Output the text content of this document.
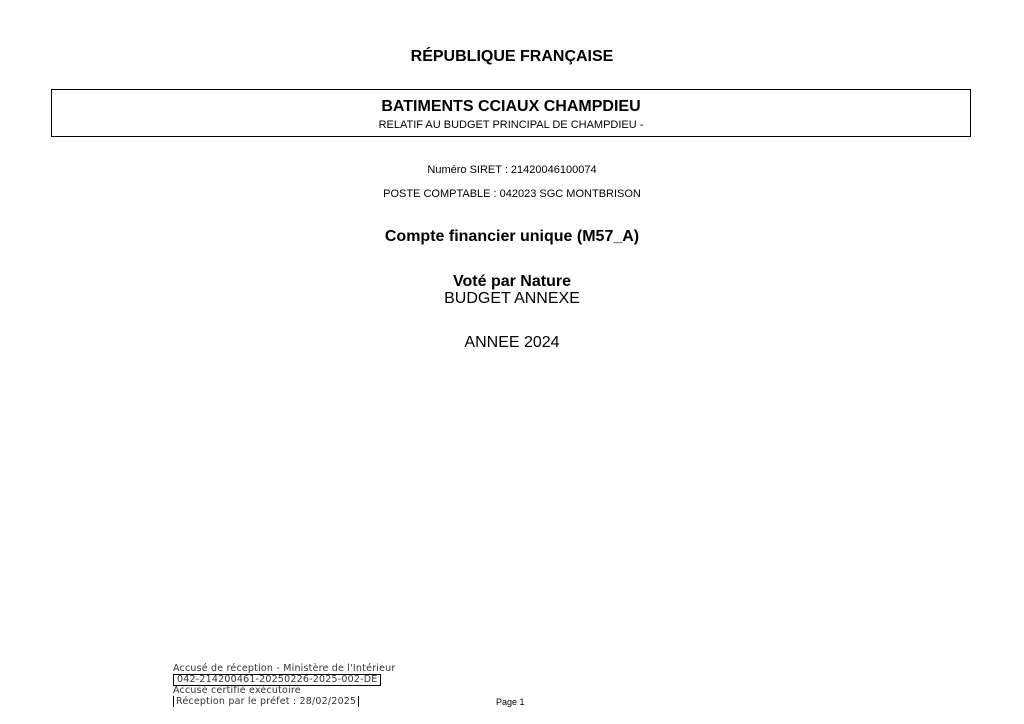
RÉPUBLIQUE FRANÇAISE
BATIMENTS CCIAUX CHAMPDIEU
RELATIF AU BUDGET PRINCIPAL DE CHAMPDIEU -
Numéro SIRET : 21420046100074
POSTE COMPTABLE : 042023 SGC MONTBRISON
Compte financier unique (M57_A)
Voté par Nature
BUDGET ANNEXE
ANNEE 2024
Accusé de réception - Ministère de l'Intérieur
042-214200461-20250226-2025-002-DE
Accusé certifié exécutoire
Réception par le préfet : 28/02/2025	Page 1
